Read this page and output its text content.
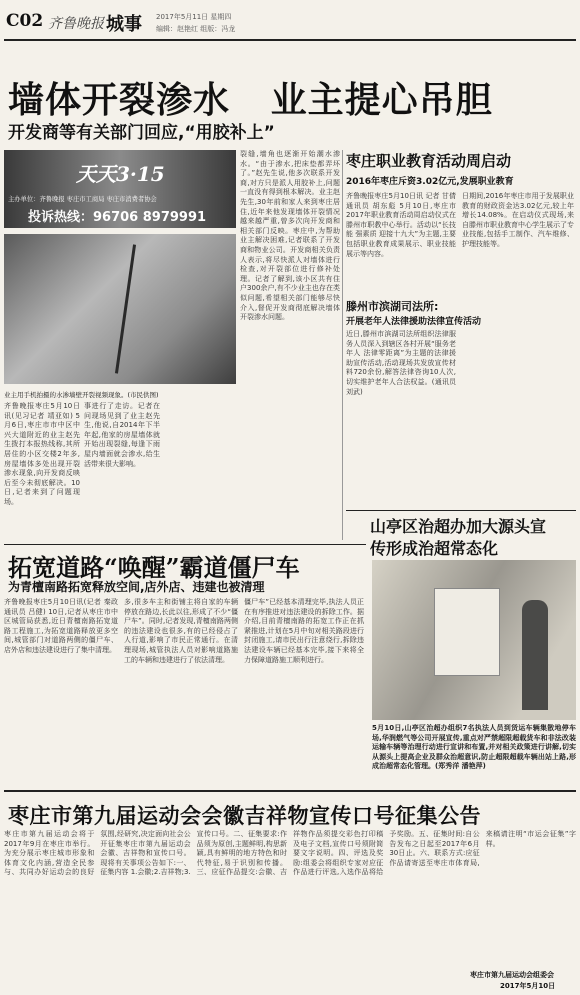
C02 齐鲁晚报 城事 2017年5月11日 星期四
编辑：赵艳红 组版：冯龙
墙体开裂渗水   业主提心吊胆
开发商等有关部门回应,“用胶补上”
天天3·15
主办单位：齐鲁晚报 枣庄市工商局 枣庄市消费者协会
投诉热线：96706 8979991
业主用手机拍摄的水渗墙壁开裂视频现象。(市民供图)

齐鲁晚报枣庄5月10日讯(见习记者 靖亚如) 5月6日,枣庄市市中区中兴大道附近的业主赵先生拨打本报热线称,其所居住的小区交楼2年多,房屋墙体多处出现开裂渗水现象,向开发商反映后至今未彻底解决。10日,记者来到了问题现场。

事进行了走访。记者在问现场见到了业主赵先生,他说,自2014年下半年起,他家的房屋墙体就开始出现裂缝,每逢下雨屋内墙面就会渗水,给生活带来很大影响。

裂缝,墙角也逐渐开始潮水渗水。“由于渗水,把床垫都弄坏了。”赵先生说,他多次联系开发商,对方只是派人用胶补上,问题一直没有得到根本解决。业主赵先生,30年前和家人来到枣庄居住,近年来他发现墙体开裂情况越来越严重,曾多次向开发商和相关部门反映。枣庄中,为帮助业主解决困难,记者联系了开发商和物业公司。开发商相关负责人表示,将尽快派人对墙体进行检查,对开裂部位进行修补处理。记者了解到,该小区共有住户300余户,有不少业主也存在类似问题,希望相关部门能够尽快介入,督促开发商彻底解决墙体开裂渗水问题。

枣庄职业教育活动周启动
2016年枣庄斥资3.02亿元,发展职业教育

齐鲁晚报枣庄5月10日讯 记者 甘倩 通讯员 胡东彪 5月10日,枣庄市2017年职业教育活动周启动仪式在滕州市职教中心举行。活动以“长技能 强素质 迎接十九大”为主题,主要包括职业教育成果展示、职业技能展示等内容。

日期间,2016年枣庄市用于发展职业教育的财政资金达3.02亿元,较上年增长14.08%。在启动仪式现场,来自滕州市职业教育中心学生展示了专业技能,包括手工制作、汽车维修、护理技能等。

滕州市滨湖司法所:
开展老年人法律援助法律宣传活动

近日,滕州市滨湖司法所组织法律服务人员深入到辖区各村开展“服务老年人 法律零距离”为主题的法律援助宣传活动,活动现场共发放宣传材料720余份,解答法律咨询10人次,切实维护老年人合法权益。(通讯员 刘武)

山亭区治超办加大源头宣传形成治超常态化

5月10日,山亭区治超办组织7名执法人员到货运车辆集散地停车场,华润燃气等公司开展宣传,重点对严禁超限超载货车和非法改装运输车辆等治理行动进行宣讲和布置,并对相关政策进行讲解,切实从源头上提高企业及群众治超意识,防止超限超载车辆出站上路,形成治超常态化管理。(郑秀洋 潘艳萍)

拓宽道路“唤醒”霸道僵尸车
为青檀南路拓宽释放空间,店外店、违建也被清理

齐鲁晚报枣庄5月10日讯(记者 秦政 通讯员 吕健) 10日,记者从枣庄市中区城管局获悉,近日青檀南路拓宽道路工程施工,为拓宽道路释放更多空间,城管部门对道路两侧的僵尸车、店外店和违法建设进行了集中清理。

多,很多车主和街铺主将自家的车辆停放在路边,长此以往,形成了不少“僵尸车”。同时,记者发现,青檀南路两侧的违法建设也很多,有的已经侵占了人行道,影响了市民正常通行。在清理现场,城管执法人员对影响道路施工的车辆和违建进行了依法清理。

僵尸车”已经基本清理完毕,执法人员正在有序推进对违法建设的拆除工作。据介绍,目前青檀南路的拓宽工作正在抓紧推进,计划在5月中旬对相关路段进行封闭施工,请市民出行注意绕行,拆除违法建设车辆已经基本完毕,接下来将全力保障道路施工顺利进行。

枣庄市第九届运动会会徽吉祥物宣传口号征集公告

枣庄市第九届运动会将于2017年9月在枣庄市举行。为充分展示枣庄城市形象和体育文化内涵,营造全民参与、共同办好运动会的良好氛围,经研究,决定面向社会公开征集枣庄市第九届运动会会徽、吉祥物和宣传口号。现将有关事项公告如下:一、征集内容 1.会徽;2.吉祥物;3.宣传口号。二、征集要求:作品须为原创,主题鲜明,构思新颖,具有鲜明的地方特色和时代特征,易于识别和传播。三、应征作品提交:会徽、吉祥物作品须提交彩色打印稿及电子文档,宣传口号须附简要文字说明。四、评选及奖励:组委会将组织专家对应征作品进行评选,入选作品将给予奖励。五、征集时间:自公告发布之日起至2017年6月30日止。六、联系方式:应征作品请寄送至枣庄市体育局,来稿请注明“市运会征集”字样。

枣庄市第九届运动会组委会
2017年5月10日
